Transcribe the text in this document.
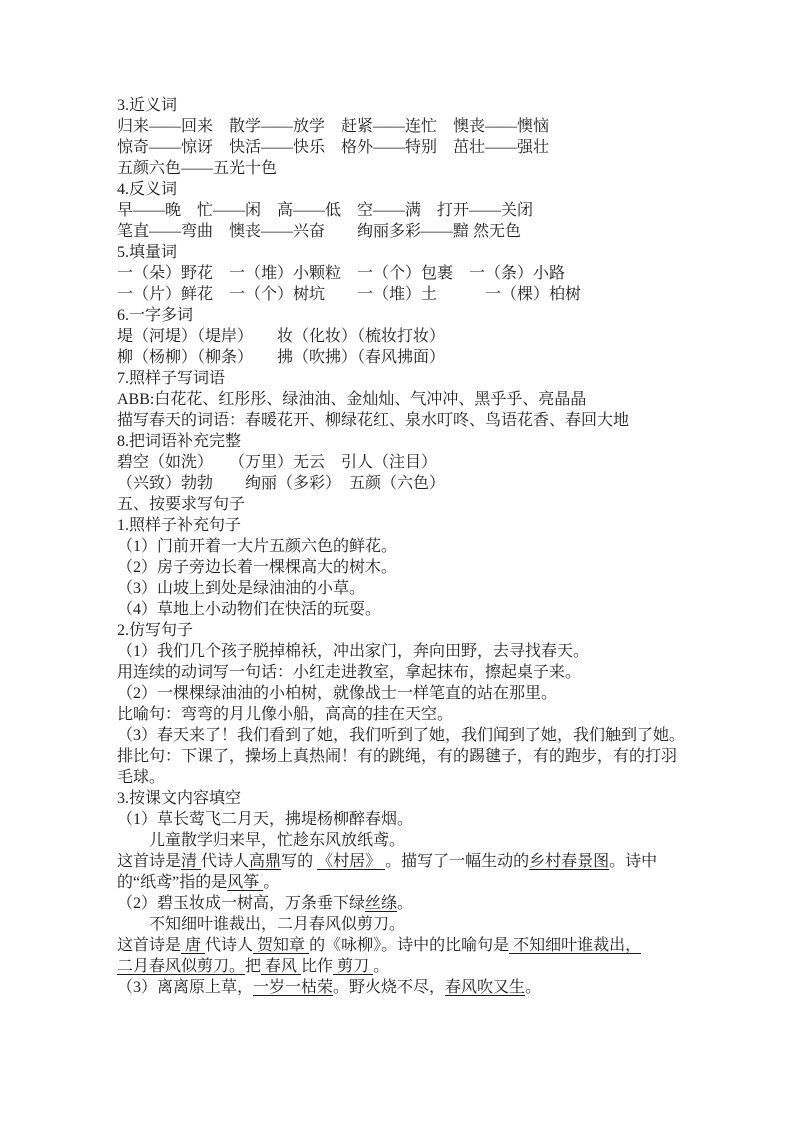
3.近义词
归来——回来　散学——放学　赶紧——连忙　懊丧——懊恼
惊奇——惊讶　快活——快乐　格外——特别　茁壮——强壮
五颜六色——五光十色
4.反义词
早——晚　忙——闲　高——低　空——满　打开——关闭
笔直——弯曲　懊丧——兴奋　　绚丽多彩——黯 然无色
5.填量词
一（朵）野花　一（堆）小颗粒　一（个）包裹　一（条）小路
一（片）鲜花　一（个）树坑　　一（堆）土　　　一（棵）柏树
6.一字多词
堤（河堤）（堤岸）　　妆（化妆）（梳妆打妆）
柳（杨柳）（柳条）　　拂（吹拂）（春风拂面）
7.照样子写词语
ABB:白花花、红彤彤、绿油油、金灿灿、气冲冲、黑乎乎、亮晶晶
描写春天的词语：春暖花开、柳绿花红、泉水叮咚、鸟语花香、春回大地
8.把词语补充完整
碧空（如洗）　　（万里）无云　引人（注目）
（兴致）勃勃　　绚丽（多彩）　五颜（六色）
五、按要求写句子
1.照样子补充句子
（1）门前开着一大片五颜六色的鲜花。
（2）房子旁边长着一棵棵高大的树木。
（3）山坡上到处是绿油油的小草。
（4）草地上小动物们在快活的玩耍。
2.仿写句子
（1）我们几个孩子脱掉棉袄，冲出家门，奔向田野，去寻找春天。
用连续的动词写一句话：小红走进教室，拿起抹布，擦起桌子来。
（2）一棵棵绿油油的小柏树，就像战士一样笔直的站在那里。
比喻句：弯弯的月儿像小船，高高的挂在天空。
（3）春天来了！我们看到了她，我们听到了她，我们闻到了她，我们触到了她。
排比句：下课了，操场上真热闹！有的跳绳，有的踢毽子，有的跑步，有的打羽
毛球。
3.按课文内容填空
（1）草长莺飞二月天，拂堤杨柳醉春烟。
　　儿童散学归来早，忙趁东风放纸鸢。
这首诗是清 代诗人高鼎写的 《村居》 。描写了一幅生动的乡村春景图。诗中
的“纸鸢”指的是风筝 。
（2）碧玉妆成一树高，万条垂下绿丝绦。
　　不知细叶谁裁出，二月春风似剪刀。
这首诗是 唐 代诗人 贺知章 的《咏柳》。诗中的比喻句是 不知细叶谁裁出，
二月春风似剪刀。把 春风 比作 剪刀 。
（3）离离原上草，一岁一枯荣。野火烧不尽，春风吹又生。
